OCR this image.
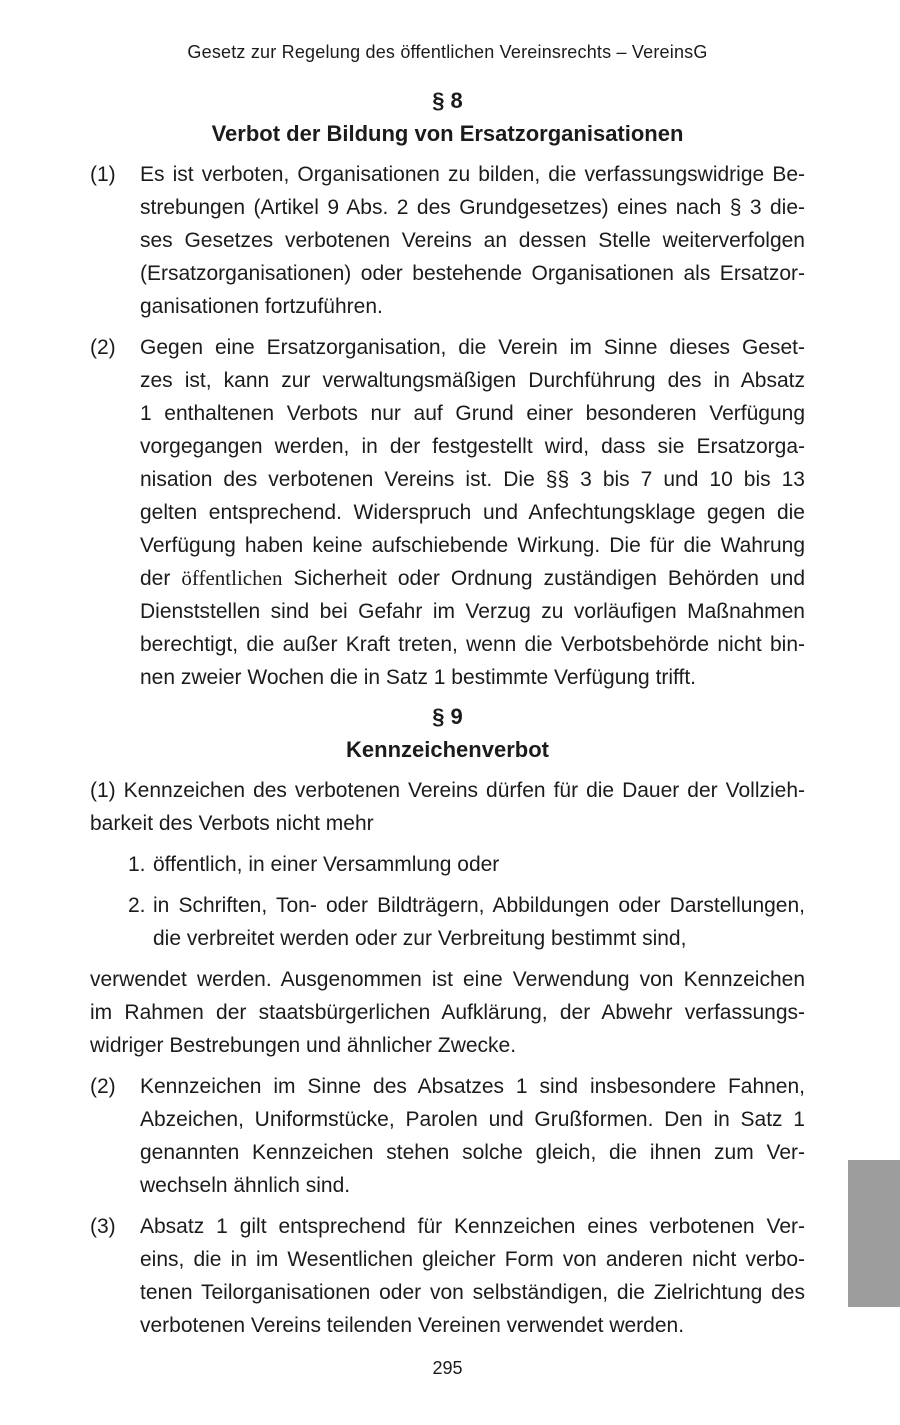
Gesetz zur Regelung des öffentlichen Vereinsrechts – VereinsG
§ 8
Verbot der Bildung von Ersatzorganisationen
(1)	Es ist verboten, Organisationen zu bilden, die verfassungswidrige Be-
strebungen (Artikel 9 Abs. 2 des Grundgesetzes) eines nach § 3 die-
ses Gesetzes verbotenen Vereins an dessen Stelle weiterverfolgen
(Ersatzorganisationen) oder bestehende Organisationen als Ersatzor-
ganisationen fortzuführen.
(2)	Gegen eine Ersatzorganisation, die Verein im Sinne dieses Geset-
zes ist, kann zur verwaltungsmäßigen Durchführung des in Absatz
1 enthaltenen Verbots nur auf Grund einer besonderen Verfügung
vorgegangen werden, in der festgestellt wird, dass sie Ersatzorga-
nisation des verbotenen Vereins ist. Die §§ 3 bis 7 und 10 bis 13
gelten entsprechend. Widerspruch und Anfechtungsklage gegen die
Verfügung haben keine aufschiebende Wirkung. Die für die Wahrung
der öffentlichen Sicherheit oder Ordnung zuständigen Behörden und
Dienststellen sind bei Gefahr im Verzug zu vorläufigen Maßnahmen
berechtigt, die außer Kraft treten, wenn die Verbotsbehörde nicht bin-
nen zweier Wochen die in Satz 1 bestimmte Verfügung trifft.
§ 9
Kennzeichenverbot
(1) Kennzeichen des verbotenen Vereins dürfen für die Dauer der Vollzieh-
barkeit des Verbots nicht mehr
1. öffentlich, in einer Versammlung oder
2. in Schriften, Ton- oder Bildträgern, Abbildungen oder Darstellungen,
die verbreitet werden oder zur Verbreitung bestimmt sind,
verwendet werden. Ausgenommen ist eine Verwendung von Kennzeichen
im Rahmen der staatsbürgerlichen Aufklärung, der Abwehr verfassungs-
widriger Bestrebungen und ähnlicher Zwecke.
(2)	Kennzeichen im Sinne des Absatzes 1 sind insbesondere Fahnen,
Abzeichen, Uniformstücke, Parolen und Grußformen. Den in Satz 1
genannten Kennzeichen stehen solche gleich, die ihnen zum Ver-
wechseln ähnlich sind.
(3)	Absatz 1 gilt entsprechend für Kennzeichen eines verbotenen Ver-
eins, die in im Wesentlichen gleicher Form von anderen nicht verbo-
tenen Teilorganisationen oder von selbständigen, die Zielrichtung des
verbotenen Vereins teilenden Vereinen verwendet werden.
295
